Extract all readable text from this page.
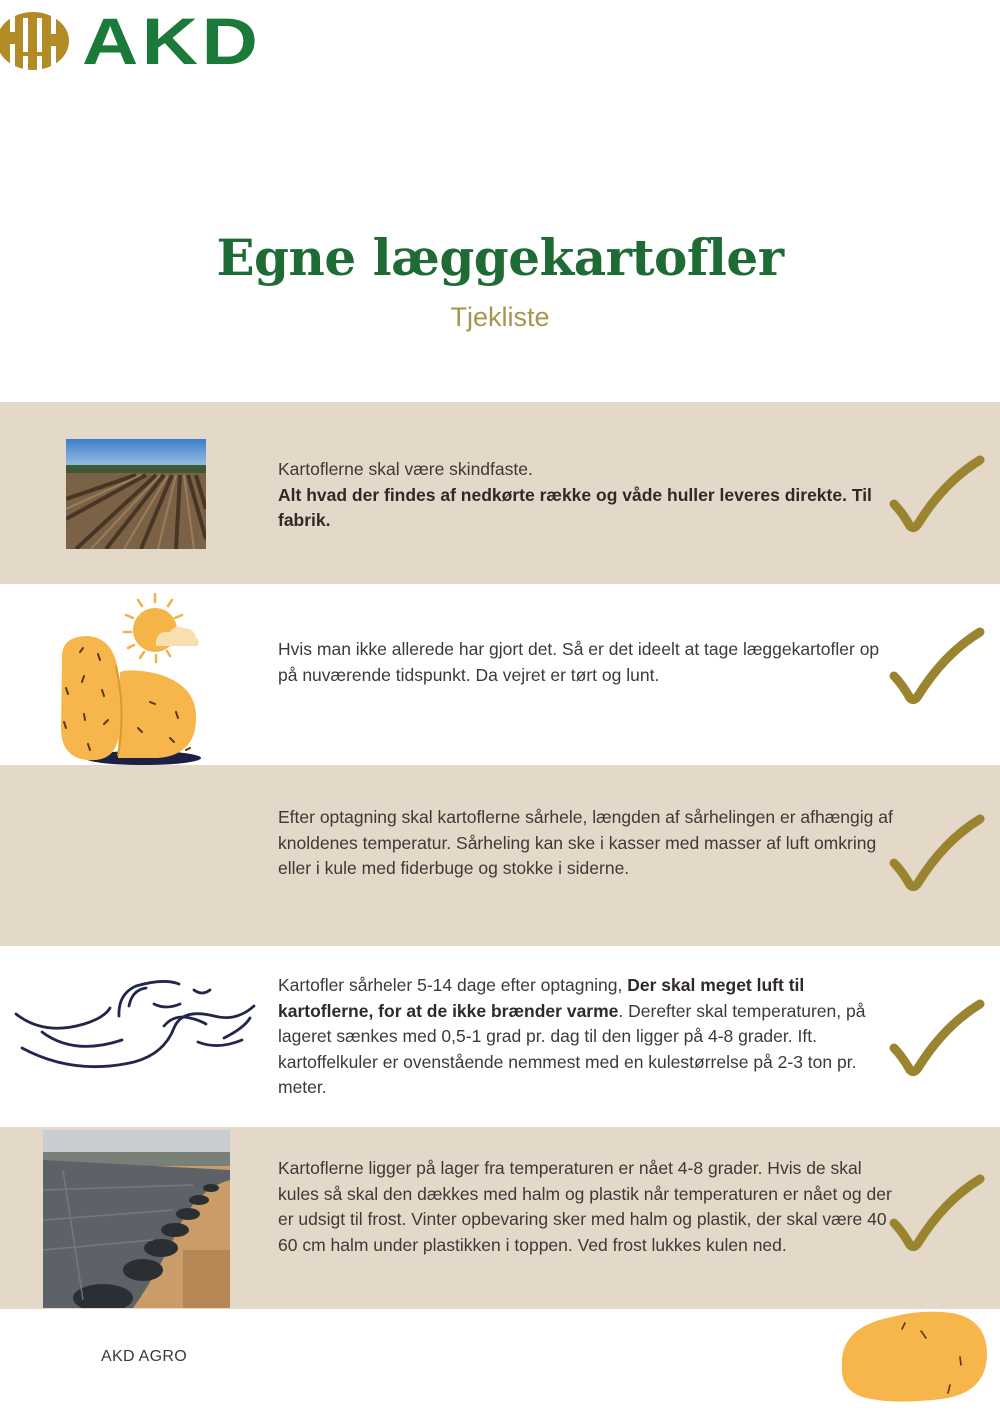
AKD
Egne læggekartofler
Tjekliste
Kartoflerne skal være skindfaste.
Alt hvad der findes af nedkørte række og våde huller leveres direkte. Til fabrik.
Hvis man ikke allerede har gjort det. Så er det ideelt at tage læggekartofler op på nuværende tidspunkt. Da vejret er tørt og lunt.
Efter optagning skal kartoflerne sårhele, længden af sårhelingen er afhængig af knoldenes temperatur. Sårheling kan ske i kasser med masser af luft omkring eller i kule med fiderbuge og stokke i siderne.
Kartofler sårheler 5-14 dage efter optagning, Der skal meget luft til kartoflerne, for at de ikke brænder varme. Derefter skal temperaturen, på lageret sænkes med 0,5-1 grad pr. dag til den ligger på 4-8 grader. Ift. kartoffelkuler er ovenstående nemmest med en kulestørrelse på 2-3 ton pr. meter.
Kartoflerne ligger på lager fra temperaturen er nået 4-8 grader. Hvis de skal kules så skal den dækkes med halm og plastik når temperaturen er nået og der er udsigt til frost. Vinter opbevaring sker med halm og plastik, der skal være 40 - 60 cm halm under plastikken i toppen. Ved frost lukkes kulen ned.
AKD AGRO
